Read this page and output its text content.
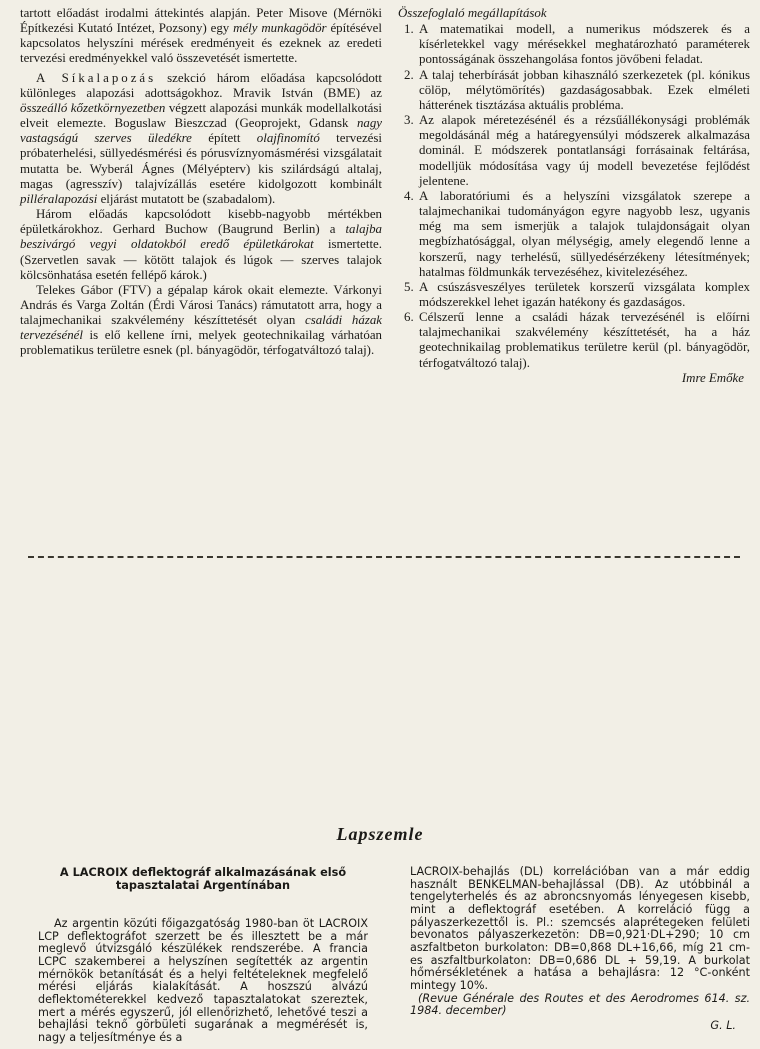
tartott előadást irodalmi áttekintés alapján. Peter Misove (Mérnöki Építkezési Kutató Intézet, Pozsony) egy mély munkagödör építésével kapcsolatos helyszíni mérések eredményeit és ezeknek az eredeti tervezési eredményekkel való összevetését ismertette.

A Síkalapozás szekció három előadása kapcsolódott különleges alapozási adottságokhoz. Mravik István (BME) az összeálló kőzetkörnyezetben végzett alapozási munkák modellalkotási elveit elemezte. Boguslaw Bieszczad (Geoprojekt, Gdansk nagy vastagságú szerves üledékre épített olajfinomító tervezési próbaterhelési, süllyedésmérési és pórusvíznyomásmérési vizsgálatait mutatta be. Wyberál Ágnes (Mélyépterv) kis szilárdságú altalaj, magas (agresszív) talajvízállás esetére kidolgozott kombinált pilléralapozási eljárást mutatott be (szabadalom).

Három előadás kapcsolódott kisebb-nagyobb mértékben épületkárokhoz. Gerhard Buchow (Baugrund Berlin) a talajba beszivárgó vegyi oldatokból eredő épületkárokat ismertette. (Szervetlen savak — kötött talajok és lúgok — szerves talajok kölcsönhatása esetén fellépő károk.)

Telekes Gábor (FTV) a gépalap károk okait elemezte. Várkonyi András és Varga Zoltán (Érdi Városi Tanács) rámutatott arra, hogy a talajmechanikai szakvélemény készíttetését olyan családi házak tervezésénél is elő kellene írni, melyek geotechnikailag várhatóan problematikus területre esnek (pl. bányagödör, térfogatváltozó talaj).

Összefoglaló megállapítások
1. A matematikai modell, a numerikus módszerek és a kísérletekkel vagy mérésekkel meghatározható paraméterek pontosságának összehangolása fontos jövőbeni feladat.
2. A talaj teherbírását jobban kihasználó szerkezetek (pl. kónikus cölöp, mélytömörítés) gazdaságosabbak. Ezek elméleti hátterének tisztázása aktuális probléma.
3. Az alapok méretezésénél és a rézsűállékonysági problémák megoldásánál még a határegyensúlyi módszerek alkalmazása dominál. E módszerek pontatlansági forrásainak feltárása, modelljük módosítása vagy új modell bevezetése fejlődést jelentene.
4. A laboratóriumi és a helyszíni vizsgálatok szerepe a talajmechanikai tudományágon egyre nagyobb lesz, ugyanis még ma sem ismerjük a talajok tulajdonságait olyan megbízhatósággal, olyan mélységig, amely elegendő lenne a korszerű, nagy terhelésű, süllyedésérzékeny létesítmények; hatalmas földmunkák tervezéséhez, kivitelezéséhez.
5. A csúszásveszélyes területek korszerű vizsgálata komplex módszerekkel lehet igazán hatékony és gazdaságos.
6. Célszerű lenne a családi házak tervezésénél is előírni talajmechanikai szakvélemény készíttetését, ha a ház geotechnikailag problematikus területre kerül (pl. bányagödör, térfogatváltozó talaj).
Imre Emőke
Lapszemle
A LACROIX deflektográf alkalmazásának első tapasztalatai Argentínában

Az argentin közúti főigazgatóság 1980-ban öt LACROIX LCP deflektográfot szerzett be és illesztett be a már meglevő útvizsgáló készülékek rendszerébe. A francia LCPC szakemberei a helyszínen segítették az argentin mérnökök betanítását és a helyi feltételeknek megfelelő mérési eljárás kialakítását. A hoszszú alvázú deflektométerekkel kedvező tapasztalatokat szereztek, mert a mérés egyszerű, jól ellenőrizhető, lehetővé teszi a behajlási teknő görbületi sugarának a megmérését is, nagy a teljesítménye és a

LACROIX-behajlás (DL) korrelációban van a már eddig használt BENKELMAN-behajlással (DB). Az utóbbinál a tengelyterhelés és az abroncsnyomás lényegesen kisebb, mint a deflektográf esetében. A korreláció függ a pályaszerkezettől is. Pl.: szemcsés alaprétegeken felületi bevonatos pályaszerkezetön: DB=0,921·DL+290; 10 cm aszfaltbeton burkolaton: DB=0,868 DL+16,66, míg 21 cm-es aszfaltburkolaton: DB=0,686 DL + 59,19. A burkolat hőmérsékletének a hatása a behajlásra: 12 °C-onként mintegy 10%.

(Revue Générale des Routes et des Aerodromes 614. sz. 1984. december)

G. L.
